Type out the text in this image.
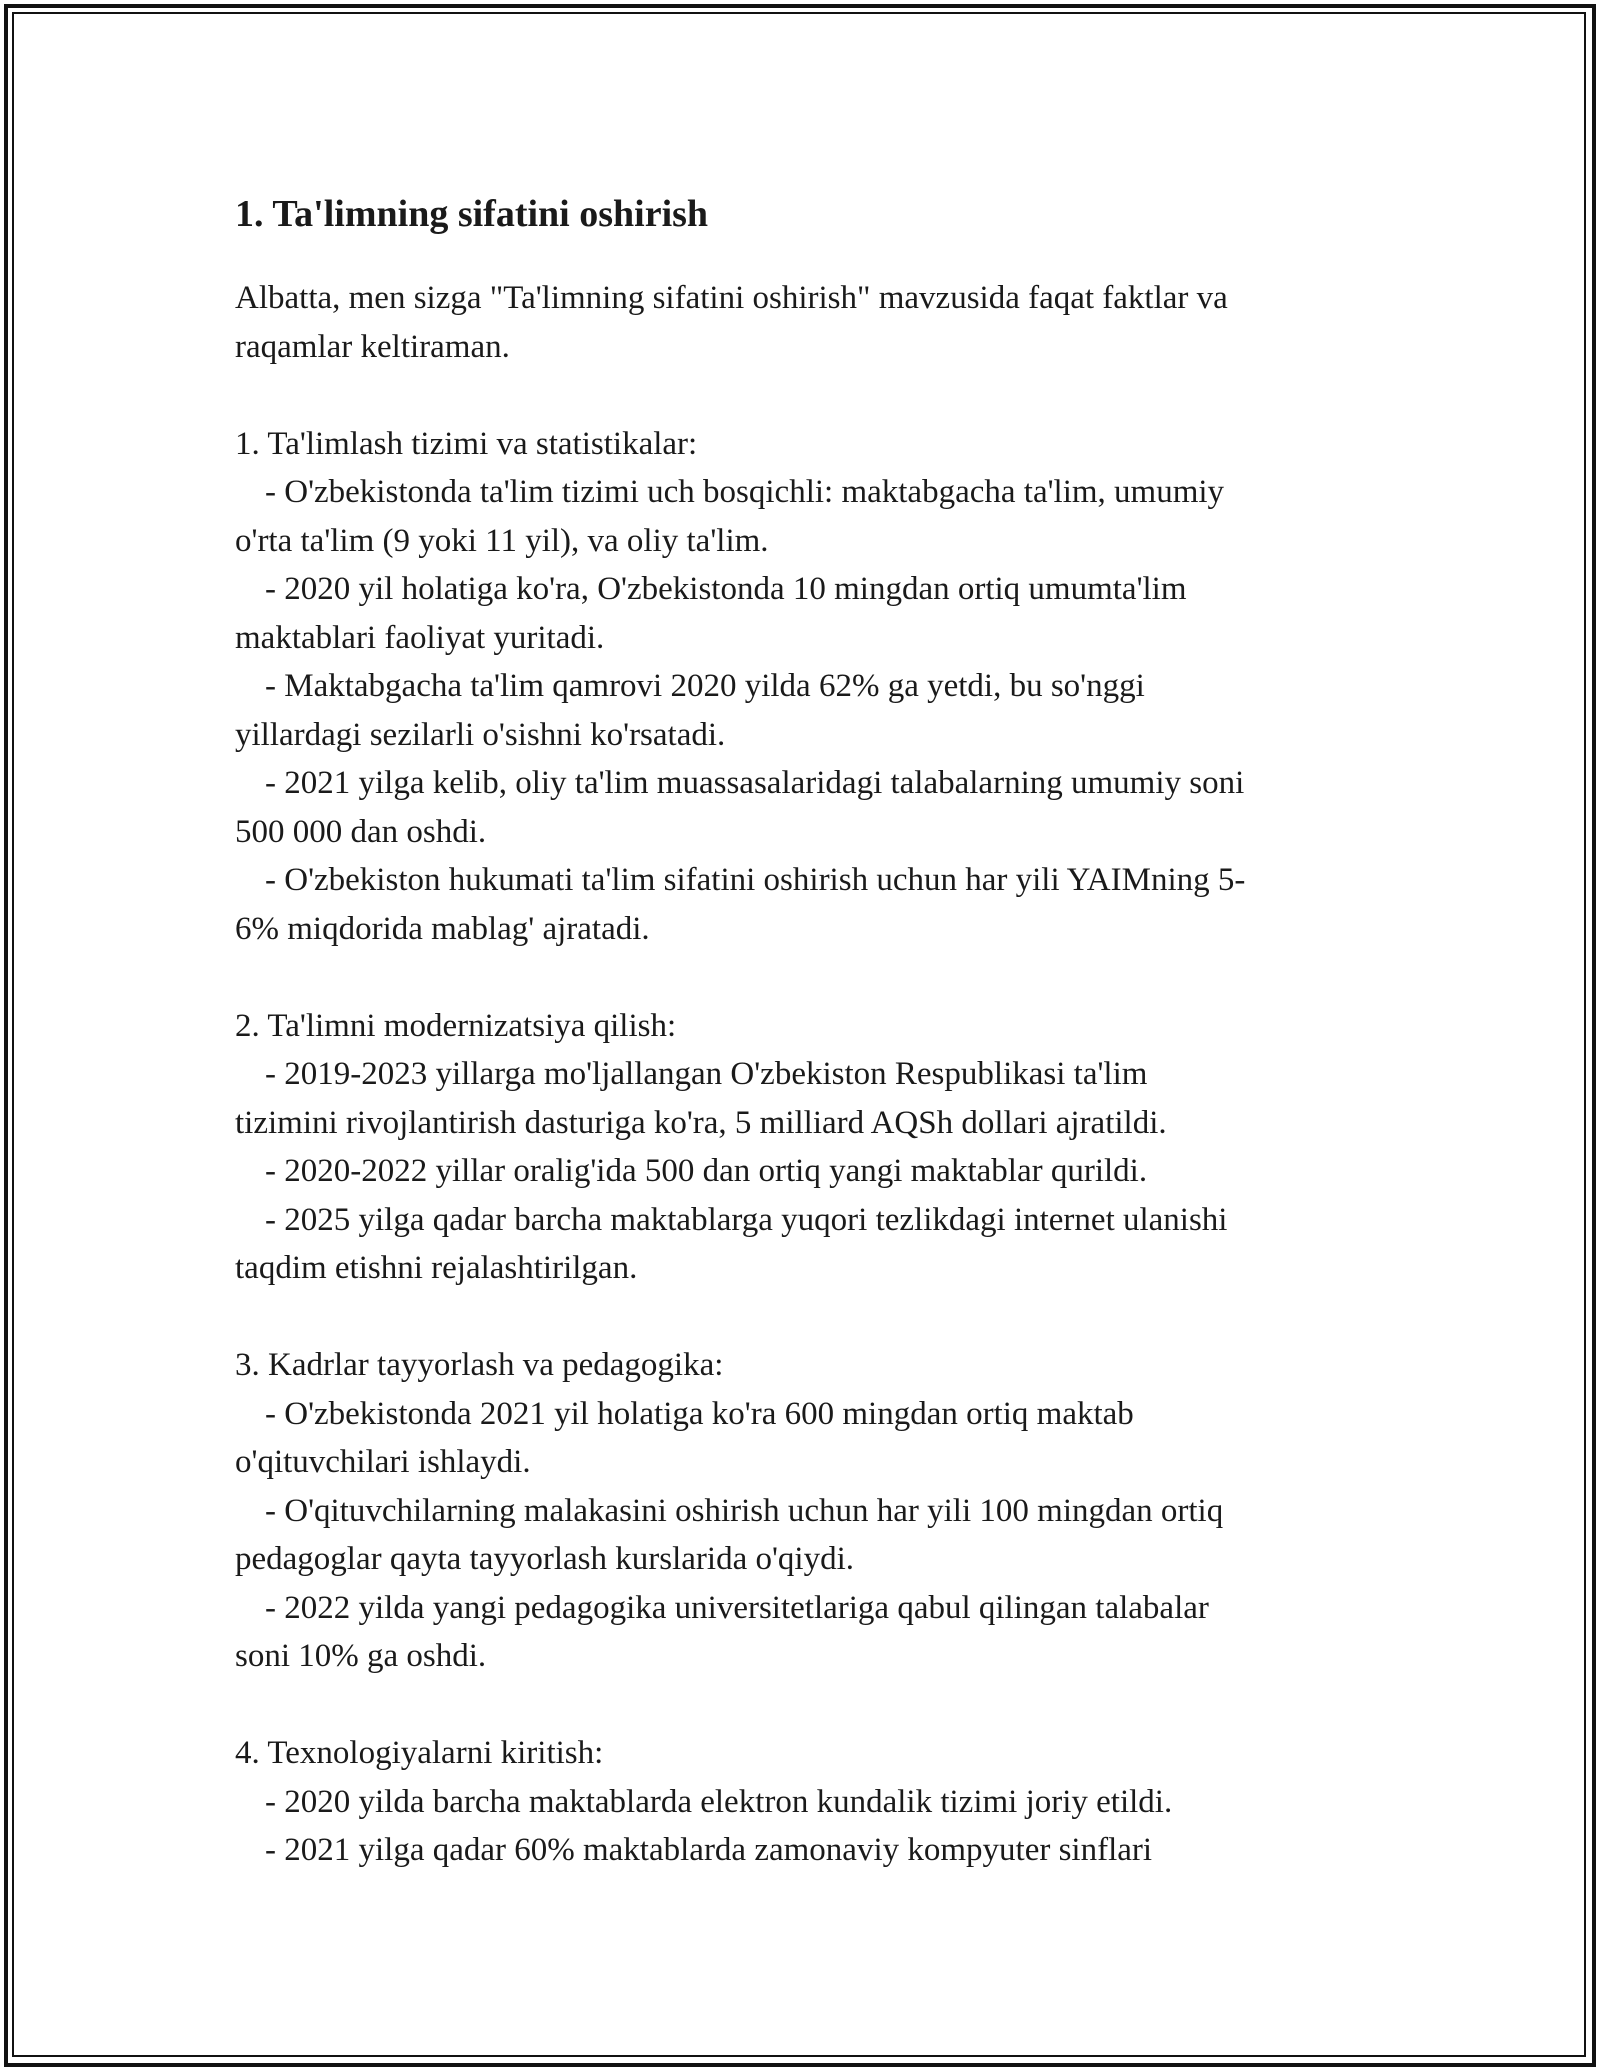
1. Ta'limning sifatini oshirish
Albatta, men sizga "Ta'limning sifatini oshirish" mavzusida faqat faktlar va
raqamlar keltiraman.
1. Ta'limlash tizimi va statistikalar:
- O'zbekistonda ta'lim tizimi uch bosqichli: maktabgacha ta'lim, umumiy
o'rta ta'lim (9 yoki 11 yil), va oliy ta'lim.
- 2020 yil holatiga ko'ra, O'zbekistonda 10 mingdan ortiq umumta'lim
maktablari faoliyat yuritadi.
- Maktabgacha ta'lim qamrovi 2020 yilda 62% ga yetdi, bu so'nggi
yillardagi sezilarli o'sishni ko'rsatadi.
- 2021 yilga kelib, oliy ta'lim muassasalaridagi talabalarning umumiy soni
500 000 dan oshdi.
- O'zbekiston hukumati ta'lim sifatini oshirish uchun har yili YAIMning 5-
6% miqdorida mablag' ajratadi.
2. Ta'limni modernizatsiya qilish:
- 2019-2023 yillarga mo'ljallangan O'zbekiston Respublikasi ta'lim
tizimini rivojlantirish dasturiga ko'ra, 5 milliard AQSh dollari ajratildi.
- 2020-2022 yillar oralig'ida 500 dan ortiq yangi maktablar qurildi.
- 2025 yilga qadar barcha maktablarga yuqori tezlikdagi internet ulanishi
taqdim etishni rejalashtirilgan.
3. Kadrlar tayyorlash va pedagogika:
- O'zbekistonda 2021 yil holatiga ko'ra 600 mingdan ortiq maktab
o'qituvchilari ishlaydi.
- O'qituvchilarning malakasini oshirish uchun har yili 100 mingdan ortiq
pedagoglar qayta tayyorlash kurslarida o'qiydi.
- 2022 yilda yangi pedagogika universitetlariga qabul qilingan talabalar
soni 10% ga oshdi.
4. Texnologiyalarni kiritish:
- 2020 yilda barcha maktablarda elektron kundalik tizimi joriy etildi.
- 2021 yilga qadar 60% maktablarda zamonaviy kompyuter sinflari
